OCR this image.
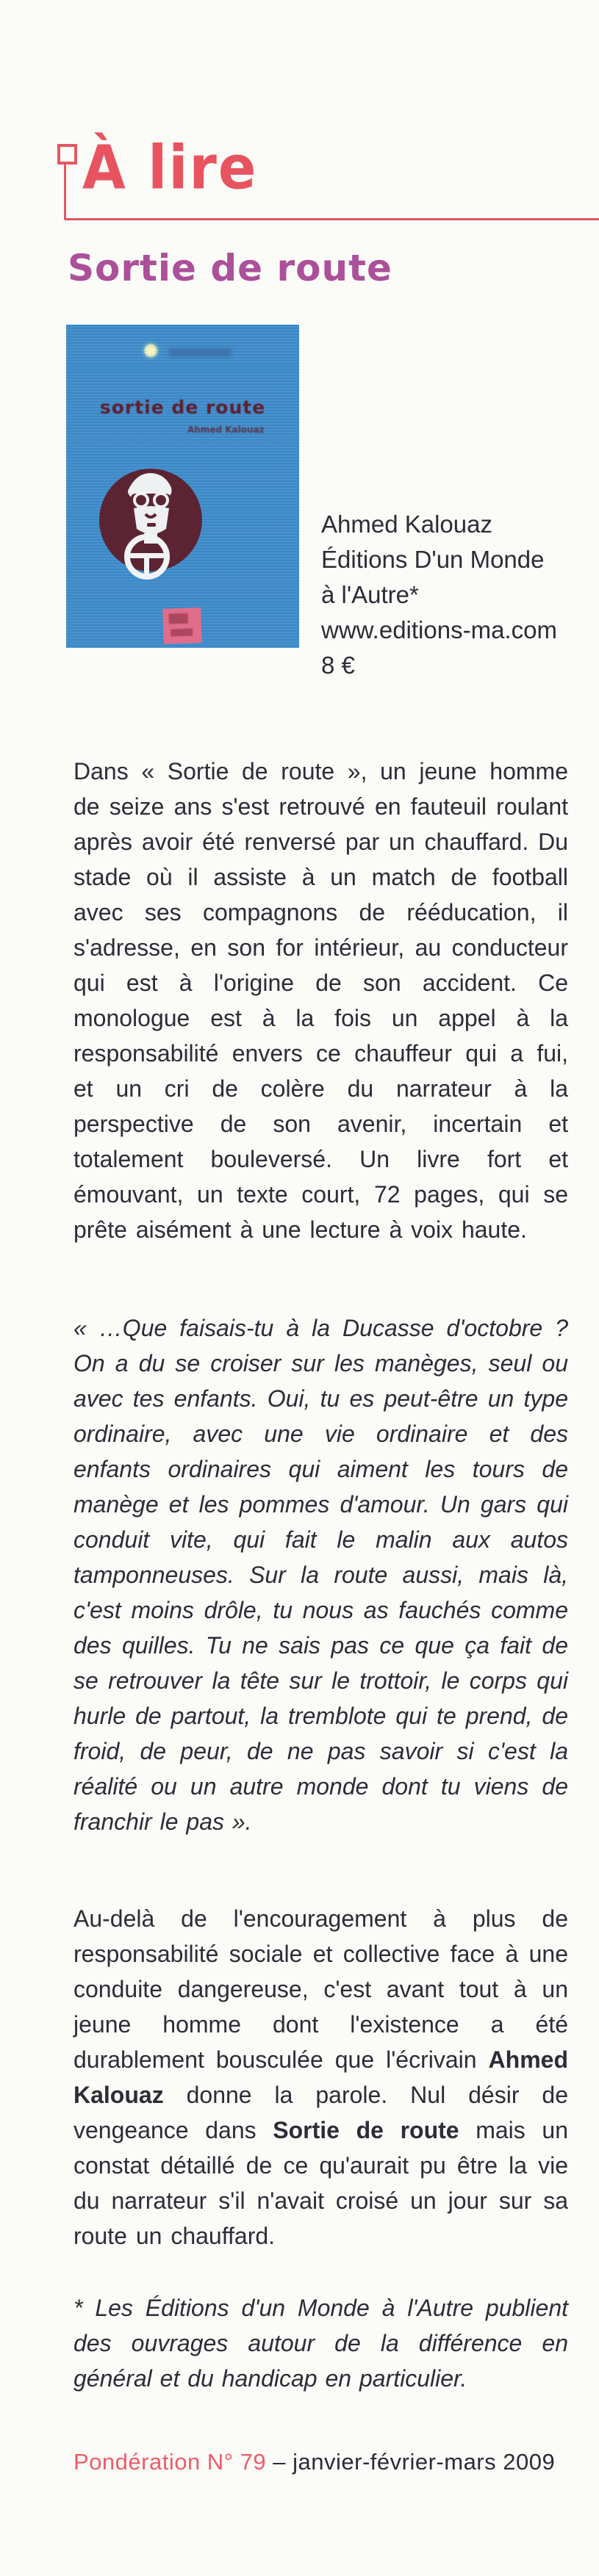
À lire
Sortie de route
✺
sortie de route
Ahmed Kalouaz
Ahmed Kalouaz
Éditions D'un Monde
à l'Autre*
www.editions-ma.com
8 €

Dans « Sortie de route », un jeune homme de seize ans s'est retrouvé en fauteuil roulant après avoir été renversé par un chauffard. Du stade où il assiste à un match de football avec ses compagnons de rééducation, il s'adresse, en son for intérieur, au conducteur qui est à l'origine de son accident. Ce monologue est à la fois un appel à la responsabilité envers ce chauffeur qui a fui, et un cri de colère du narrateur à la perspective de son avenir, incertain et totalement bouleversé. Un livre fort et émouvant, un texte court, 72 pages, qui se prête aisément à une lecture à voix haute.

« …Que faisais-tu à la Ducasse d'octobre ? On a du se croiser sur les manèges, seul ou avec tes enfants. Oui, tu es peut-être un type ordinaire, avec une vie ordinaire et des enfants ordinaires qui aiment les tours de manège et les pommes d'amour. Un gars qui conduit vite, qui fait le malin aux autos tamponneuses. Sur la route aussi, mais là, c'est moins drôle, tu nous as fauchés comme des quilles. Tu ne sais pas ce que ça fait de se retrouver la tête sur le trottoir, le corps qui hurle de partout, la tremblote qui te prend, de froid, de peur, de ne pas savoir si c'est la réalité ou un autre monde dont tu viens de franchir le pas ».

Au-delà de l'encouragement à plus de responsabilité sociale et collective face à une conduite dangereuse, c'est avant tout à un jeune homme dont l'existence a été durablement bousculée que l'écrivain Ahmed Kalouaz donne la parole. Nul désir de vengeance dans Sortie de route mais un constat détaillé de ce qu'aurait pu être la vie du narrateur s'il n'avait croisé un jour sur sa route un chauffard.

* Les Éditions d'un Monde à l'Autre publient des ouvrages autour de la différence en général et du handicap en particulier.

Pondération N° 79 – janvier-février-mars 2009
